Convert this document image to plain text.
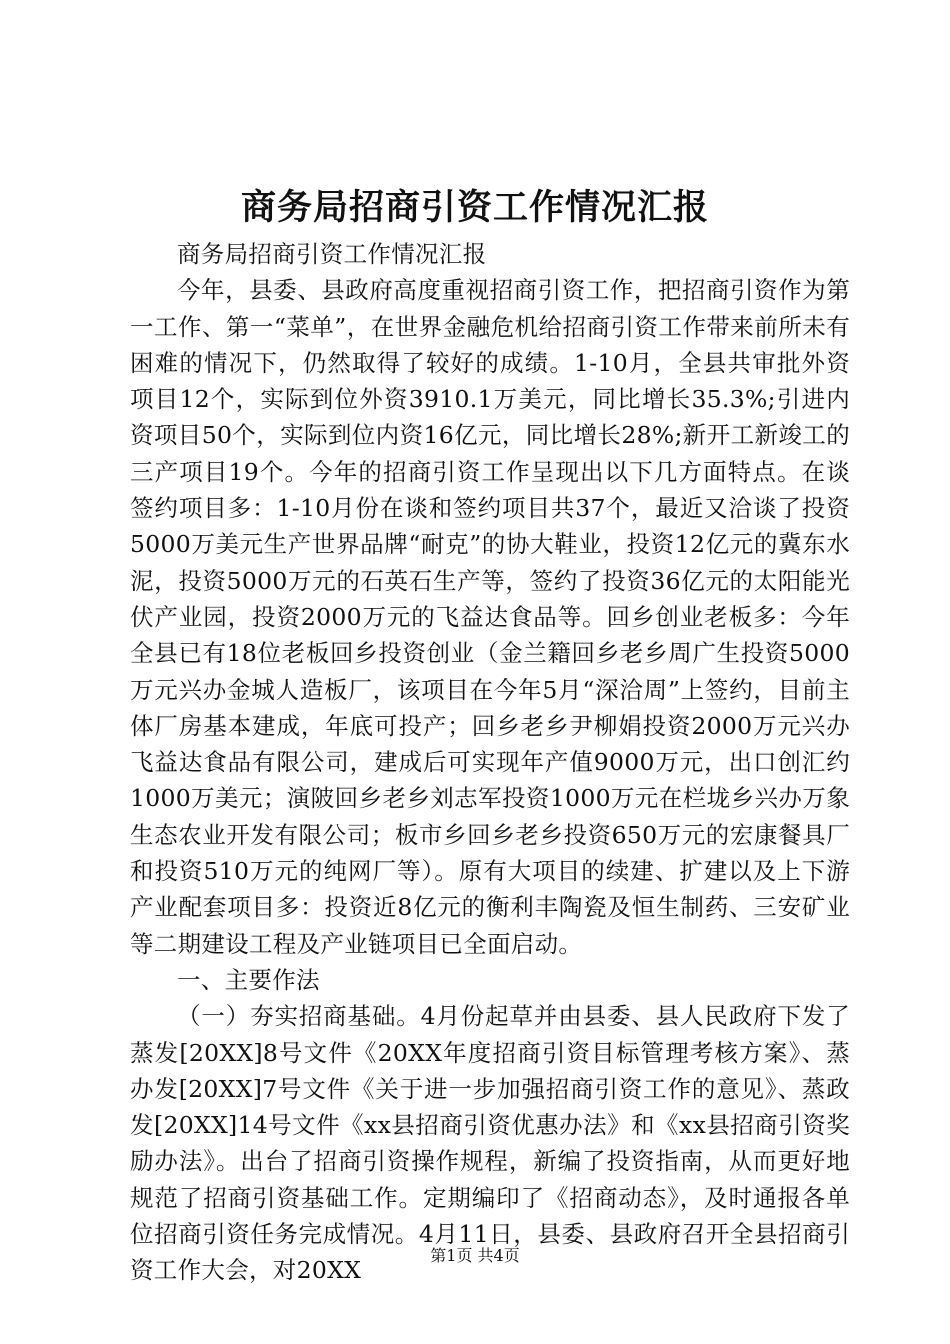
商务局招商引资工作情况汇报

商务局招商引资工作情况汇报

今年，县委、县政府高度重视招商引资工作，把招商引资作为第一工作、第一“菜单”，在世界金融危机给招商引资工作带来前所未有困难的情况下，仍然取得了较好的成绩。1-10月，全县共审批外资项目12个，实际到位外资3910.1万美元，同比增长35.3%;引进内资项目50个，实际到位内资16亿元，同比增长28%;新开工新竣工的三产项目19个。今年的招商引资工作呈现出以下几方面特点。在谈签约项目多：1-10月份在谈和签约项目共37个，最近又洽谈了投资5000万美元生产世界品牌“耐克”的协大鞋业，投资12亿元的冀东水泥，投资5000万元的石英石生产等，签约了投资36亿元的太阳能光伏产业园，投资2000万元的飞益达食品等。回乡创业老板多：今年全县已有18位老板回乡投资创业（金兰籍回乡老乡周广生投资5000万元兴办金城人造板厂，该项目在今年5月“深洽周”上签约，目前主体厂房基本建成，年底可投产；回乡老乡尹柳娟投资2000万元兴办飞益达食品有限公司，建成后可实现年产值9000万元，出口创汇约1000万美元；演陂回乡老乡刘志军投资1000万元在栏垅乡兴办万象生态农业开发有限公司；板市乡回乡老乡投资650万元的宏康餐具厂和投资510万元的纯网厂等）。原有大项目的续建、扩建以及上下游产业配套项目多：投资近8亿元的衡利丰陶瓷及恒生制药、三安矿业等二期建设工程及产业链项目已全面启动。

一、主要作法

（一）夯实招商基础。4月份起草并由县委、县人民政府下发了蒸发[20XX]8号文件《20XX年度招商引资目标管理考核方案》、蒸办发[20XX]7号文件《关于进一步加强招商引资工作的意见》、蒸政发[20XX]14号文件《xx县招商引资优惠办法》和《xx县招商引资奖励办法》。出台了招商引资操作规程，新编了投资指南，从而更好地规范了招商引资基础工作。定期编印了《招商动态》，及时通报各单位招商引资任务完成情况。4月11日，县委、县政府召开全县招商引资工作大会，对20XX

第1页 共4页
